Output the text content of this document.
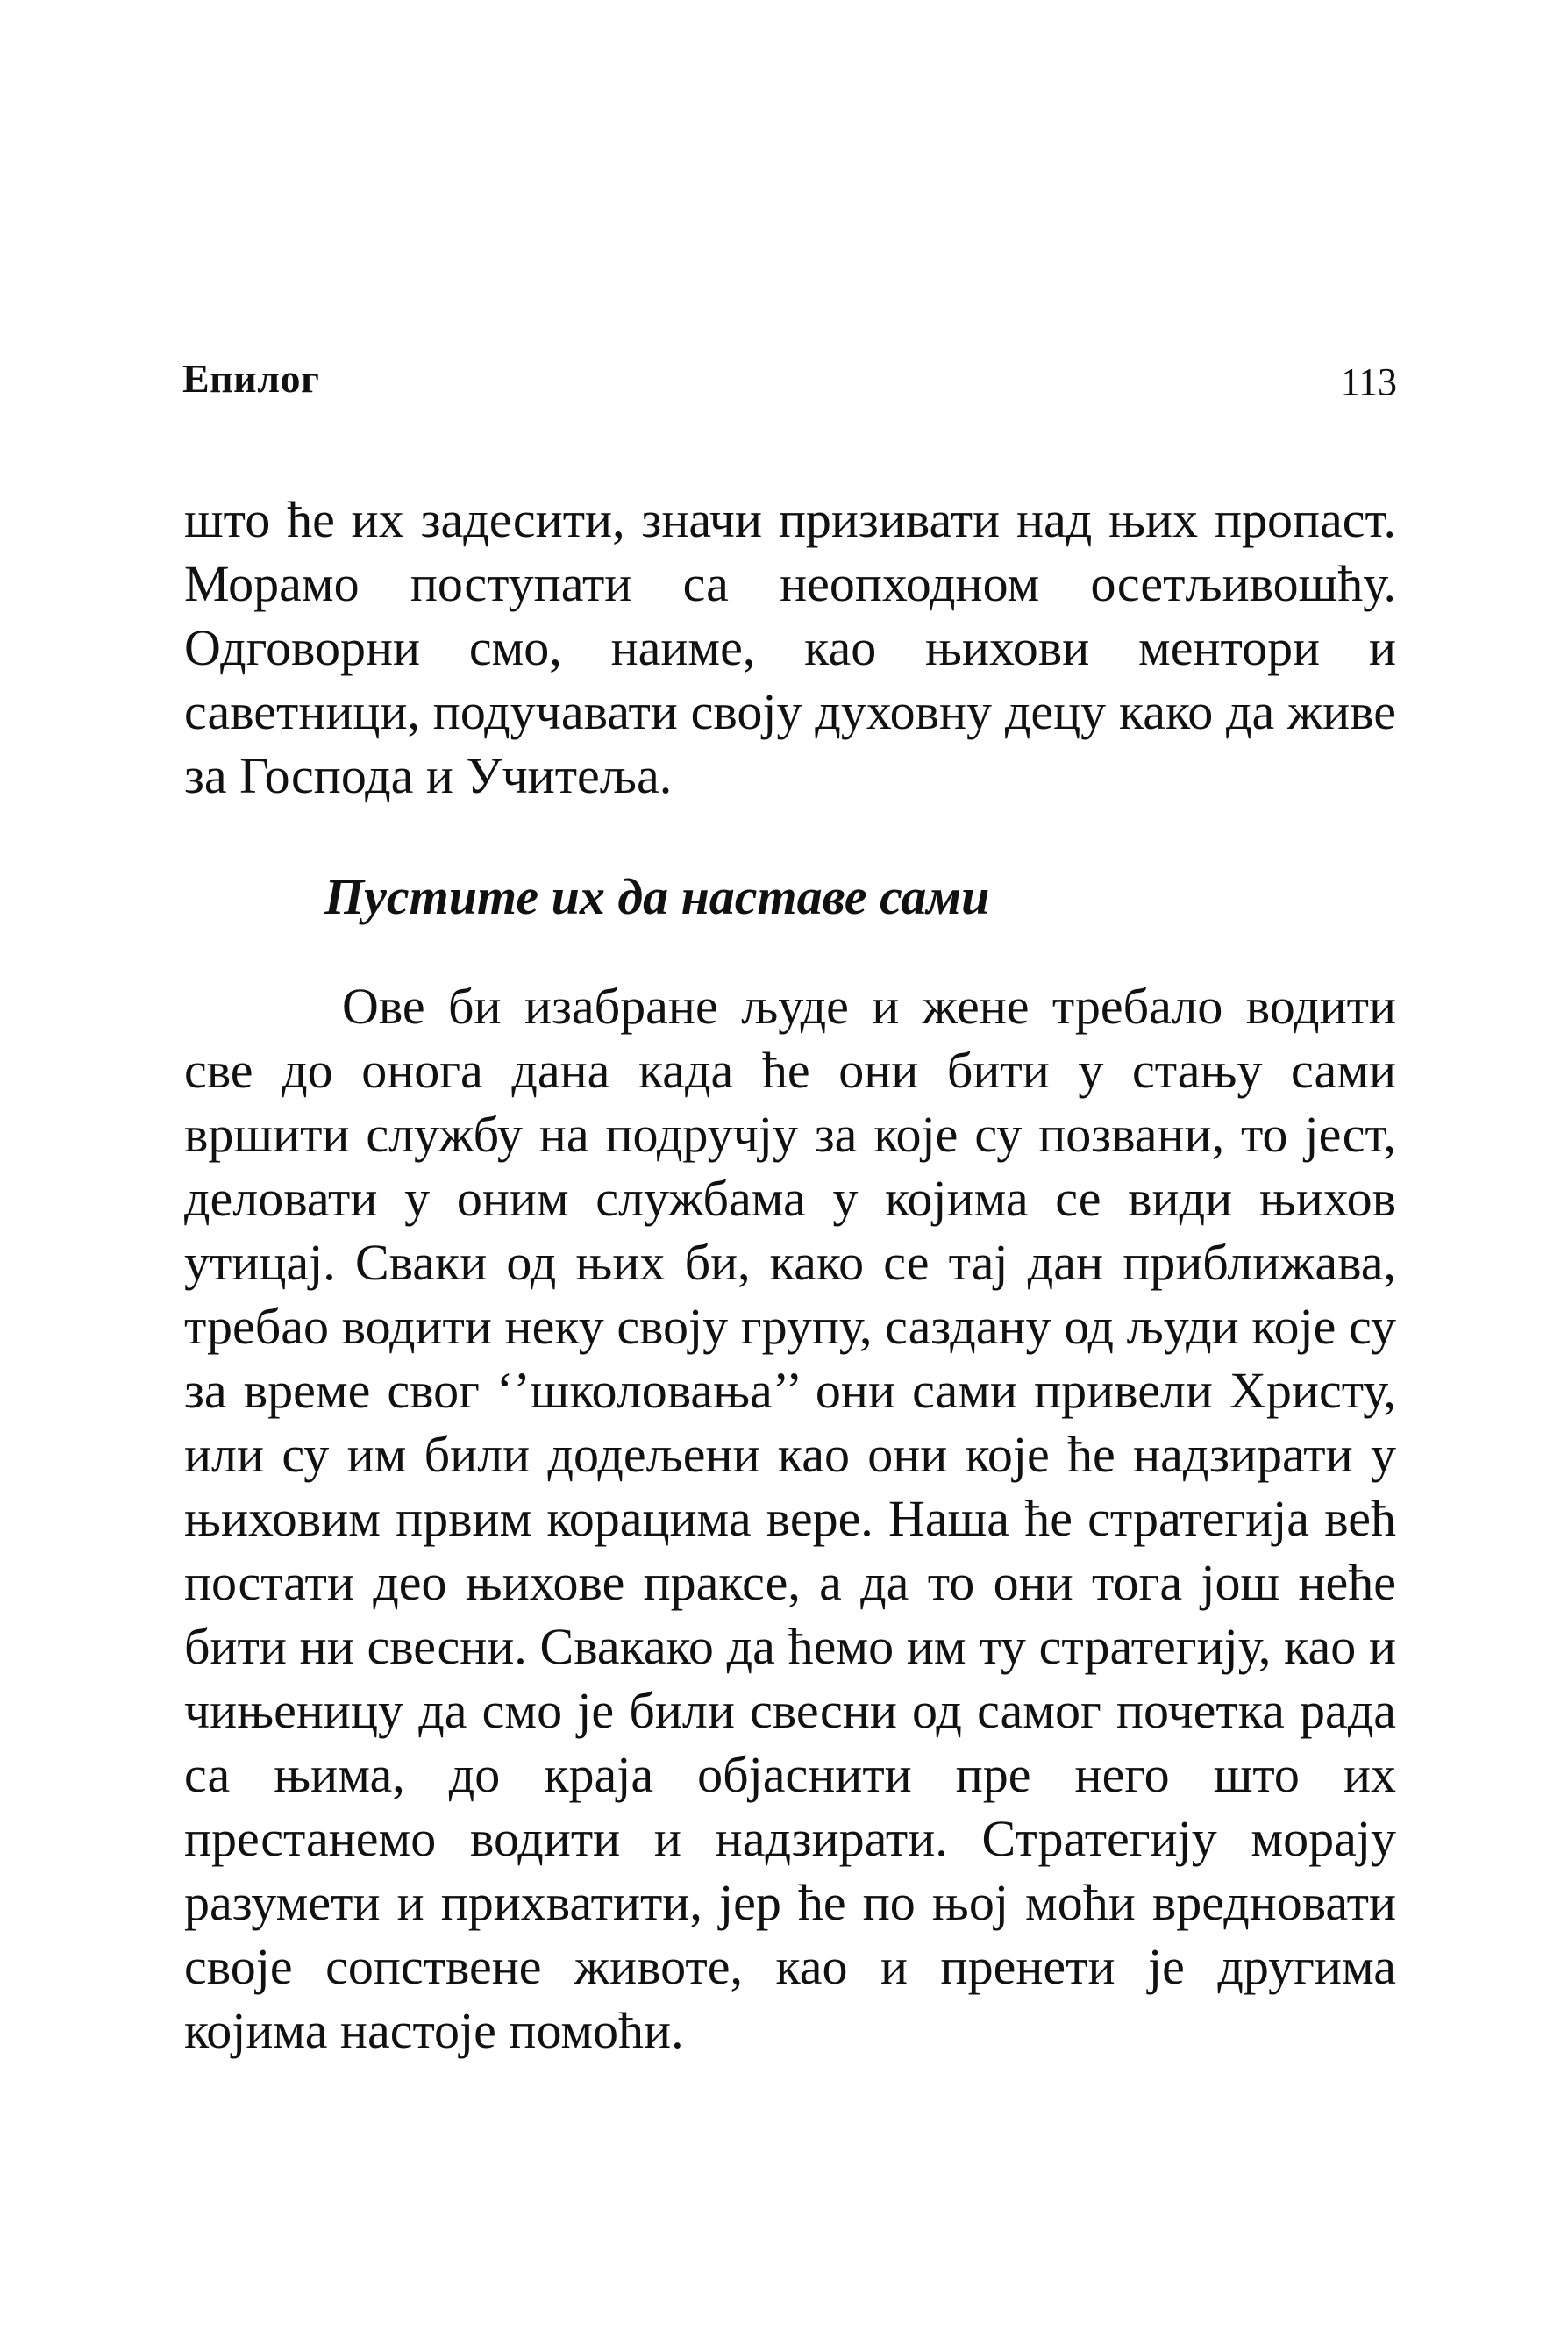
Епилог	113

што ће их задесити, значи призивати над њих пропаст. Морамо поступати са неопходном осетљивошћу. Одговорни смо, наиме, као њихови ментори и саветници, подучавати своју духовну децу како да живе за Господа и Учитеља.

Пустите их да наставе сами

Ове би изабране људе и жене требало водити све до онога дана када ће они бити у стању сами вршити службу на подручју за које су позвани, то јест, деловати у оним службама у којима се види њихов утицај. Сваки од њих би, како се тај дан приближава, требао водити неку своју групу, саздану од људи које су за време свог ‘’школовања’’ они сами привели Христу, или су им били додељени као они које ће надзирати у њиховим првим корацима вере. Наша ће стратегија већ постати део њихове праксе, а да то они тога још неће бити ни свесни. Свакако да ћемо им ту стратегију, као и чињеницу да смо је били свесни од самог почетка рада са њима, до краја објаснити пре него што их престанемо водити и надзирати. Стратегију морају разумети и прихватити, јер ће по њој моћи вредновати своје сопствене животе, као и пренети је другима којима настоје помоћи.
